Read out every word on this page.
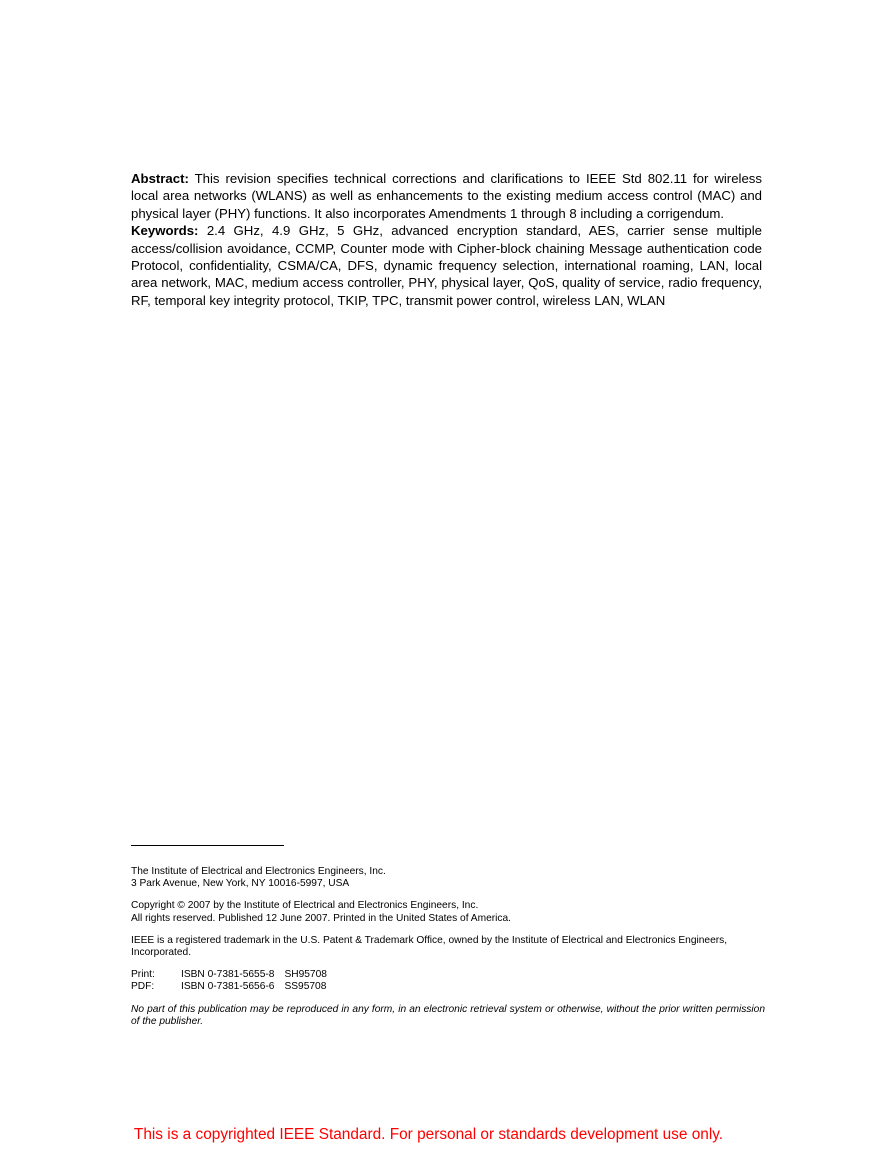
Abstract: This revision specifies technical corrections and clarifications to IEEE Std 802.11 for wireless local area networks (WLANS) as well as enhancements to the existing medium access control (MAC) and physical layer (PHY) functions. It also incorporates Amendments 1 through 8 including a corrigendum.

Keywords: 2.4 GHz, 4.9 GHz, 5 GHz, advanced encryption standard, AES, carrier sense multiple access/collision avoidance, CCMP, Counter mode with Cipher-block chaining Message authentication code Protocol, confidentiality, CSMA/CA, DFS, dynamic frequency selection, international roaming, LAN, local area network, MAC, medium access controller, PHY, physical layer, QoS, quality of service, radio frequency, RF, temporal key integrity protocol, TKIP, TPC, transmit power control, wireless LAN, WLAN

The Institute of Electrical and Electronics Engineers, Inc.
3 Park Avenue, New York, NY 10016-5997, USA

Copyright © 2007 by the Institute of Electrical and Electronics Engineers, Inc.
All rights reserved. Published 12 June 2007. Printed in the United States of America.

IEEE is a registered trademark in the U.S. Patent & Trademark Office, owned by the Institute of Electrical and Electronics Engineers, Incorporated.

Print:	ISBN 0-7381-5655-8	SH95708
PDF:	ISBN 0-7381-5656-6	SS95708

No part of this publication may be reproduced in any form, in an electronic retrieval system or otherwise, without the prior written permission of the publisher.

This is a copyrighted IEEE Standard. For personal or standards development use only.
